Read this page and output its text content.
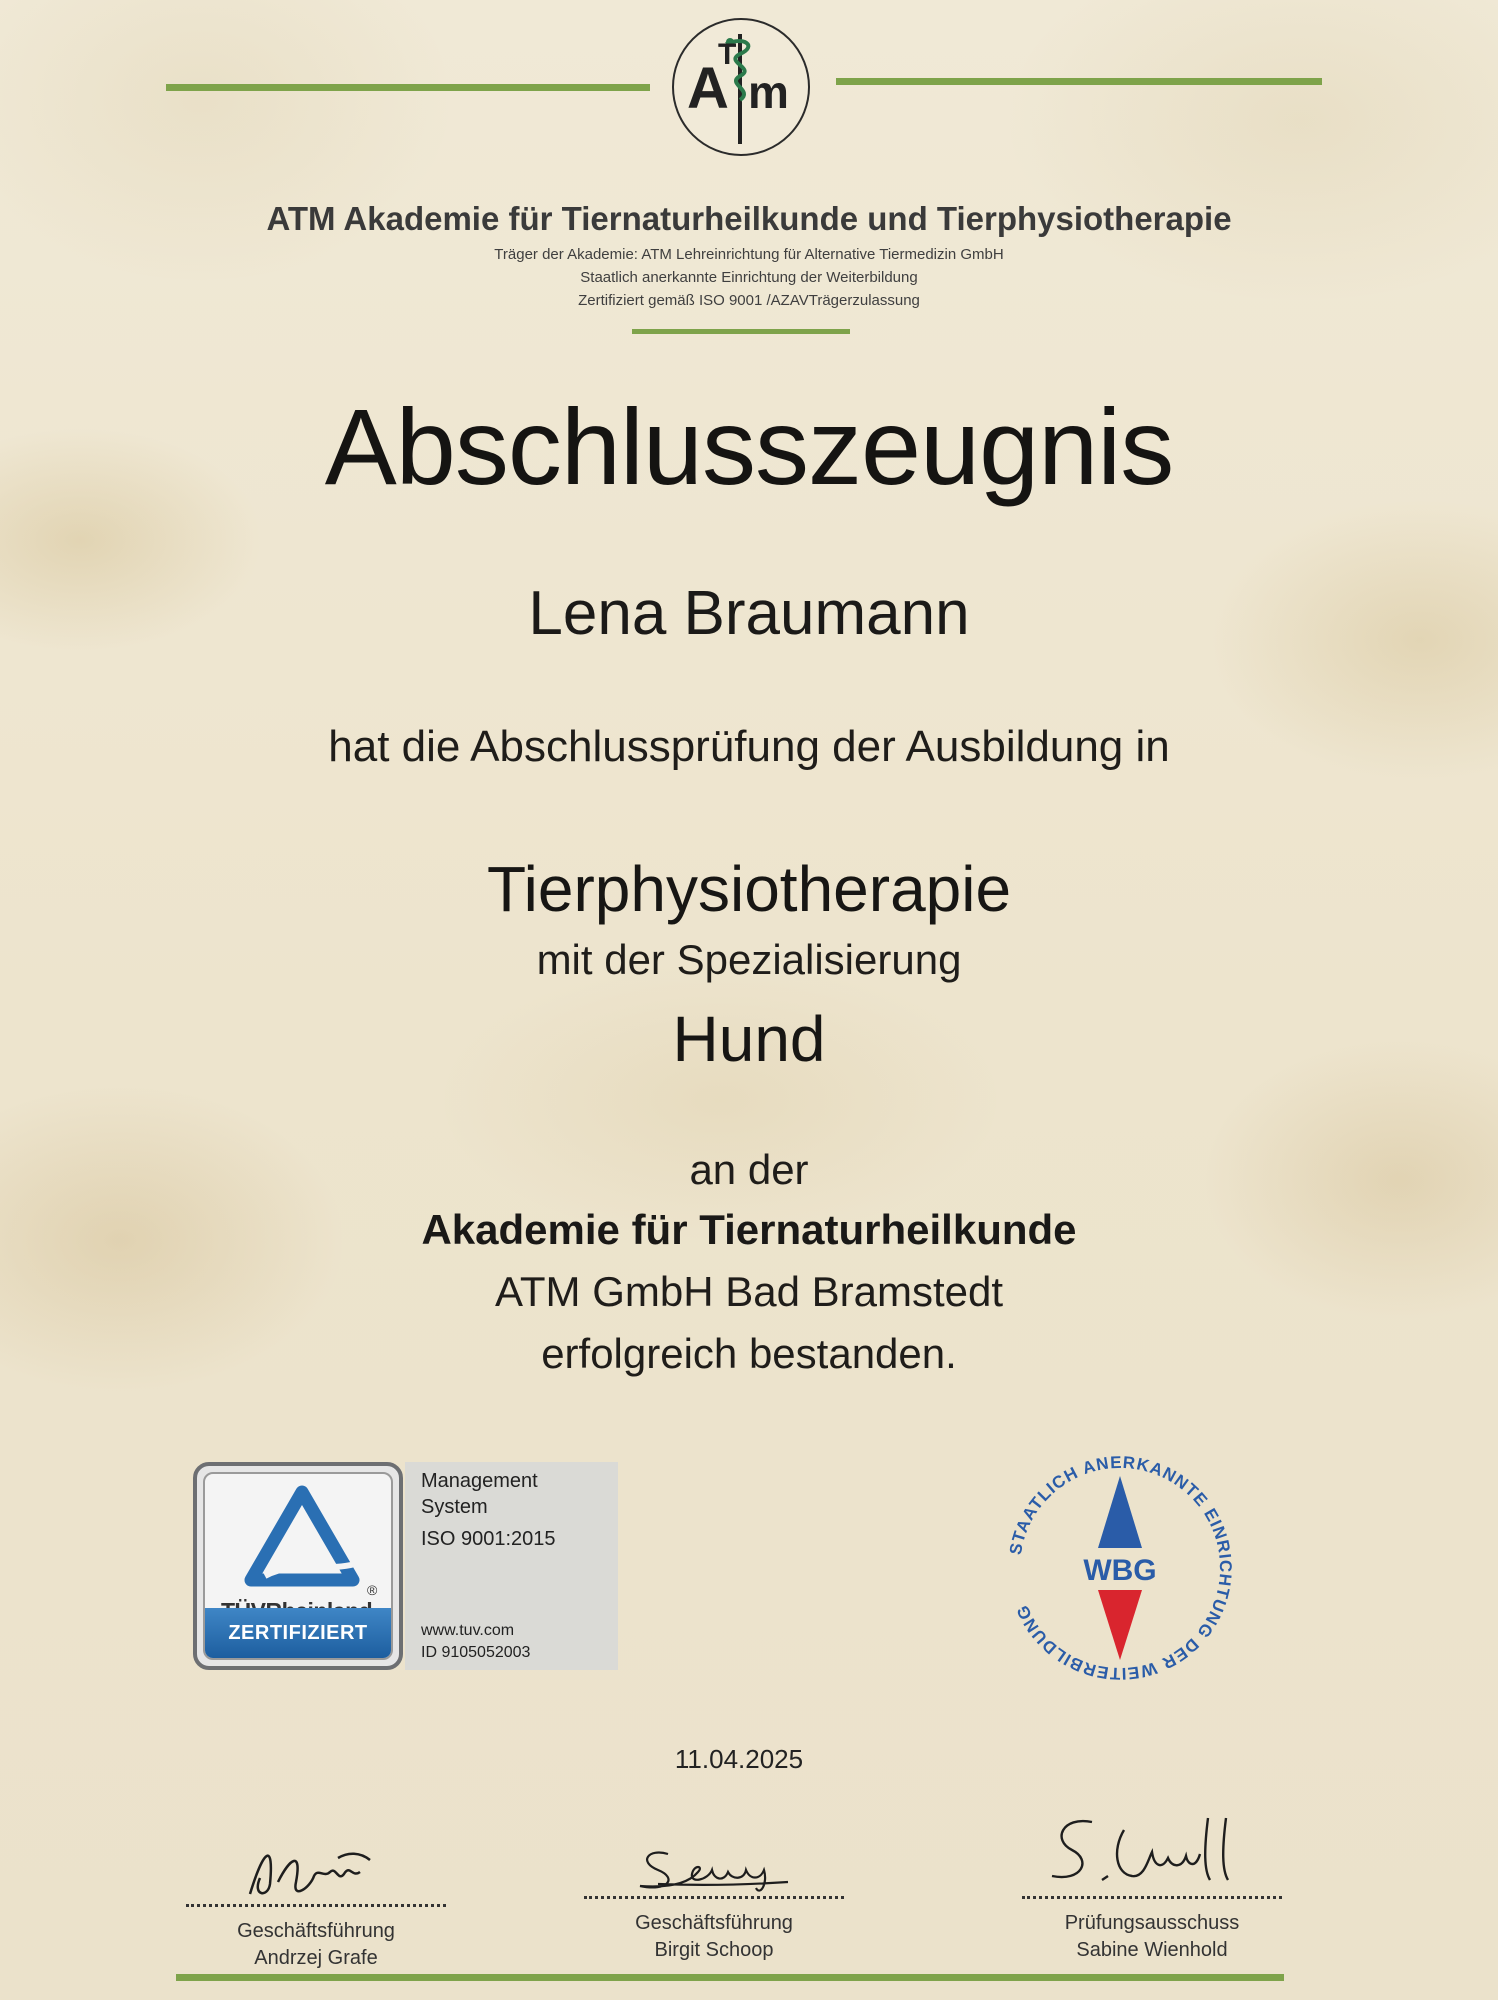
A
T
m
ATM Akademie für Tiernaturheilkunde und Tierphysiotherapie
Träger der Akademie: ATM Lehreinrichtung für Alternative Tiermedizin GmbH
Staatlich anerkannte Einrichtung der Weiterbildung
Zertifiziert gemäß ISO 9001 /AZAVTrägerzulassung
Abschlusszeugnis
Lena Braumann
hat die Abschlussprüfung der Ausbildung in
Tierphysiotherapie
mit der Spezialisierung
Hund
an der
Akademie für Tiernaturheilkunde
ATM GmbH Bad Bramstedt
erfolgreich bestanden.
®
ZERTIFIZIERT
Management
System
ISO 9001:2015
www.tuv.com
ID 9105052003
STAATLICH ANERKANNTE EINRICHTUNG DER WEITERBILDUNG
WBG
11.04.2025
Geschäftsführung
Andrzej Grafe
Geschäftsführung
Birgit Schoop
Prüfungsausschuss
Sabine Wienhold
